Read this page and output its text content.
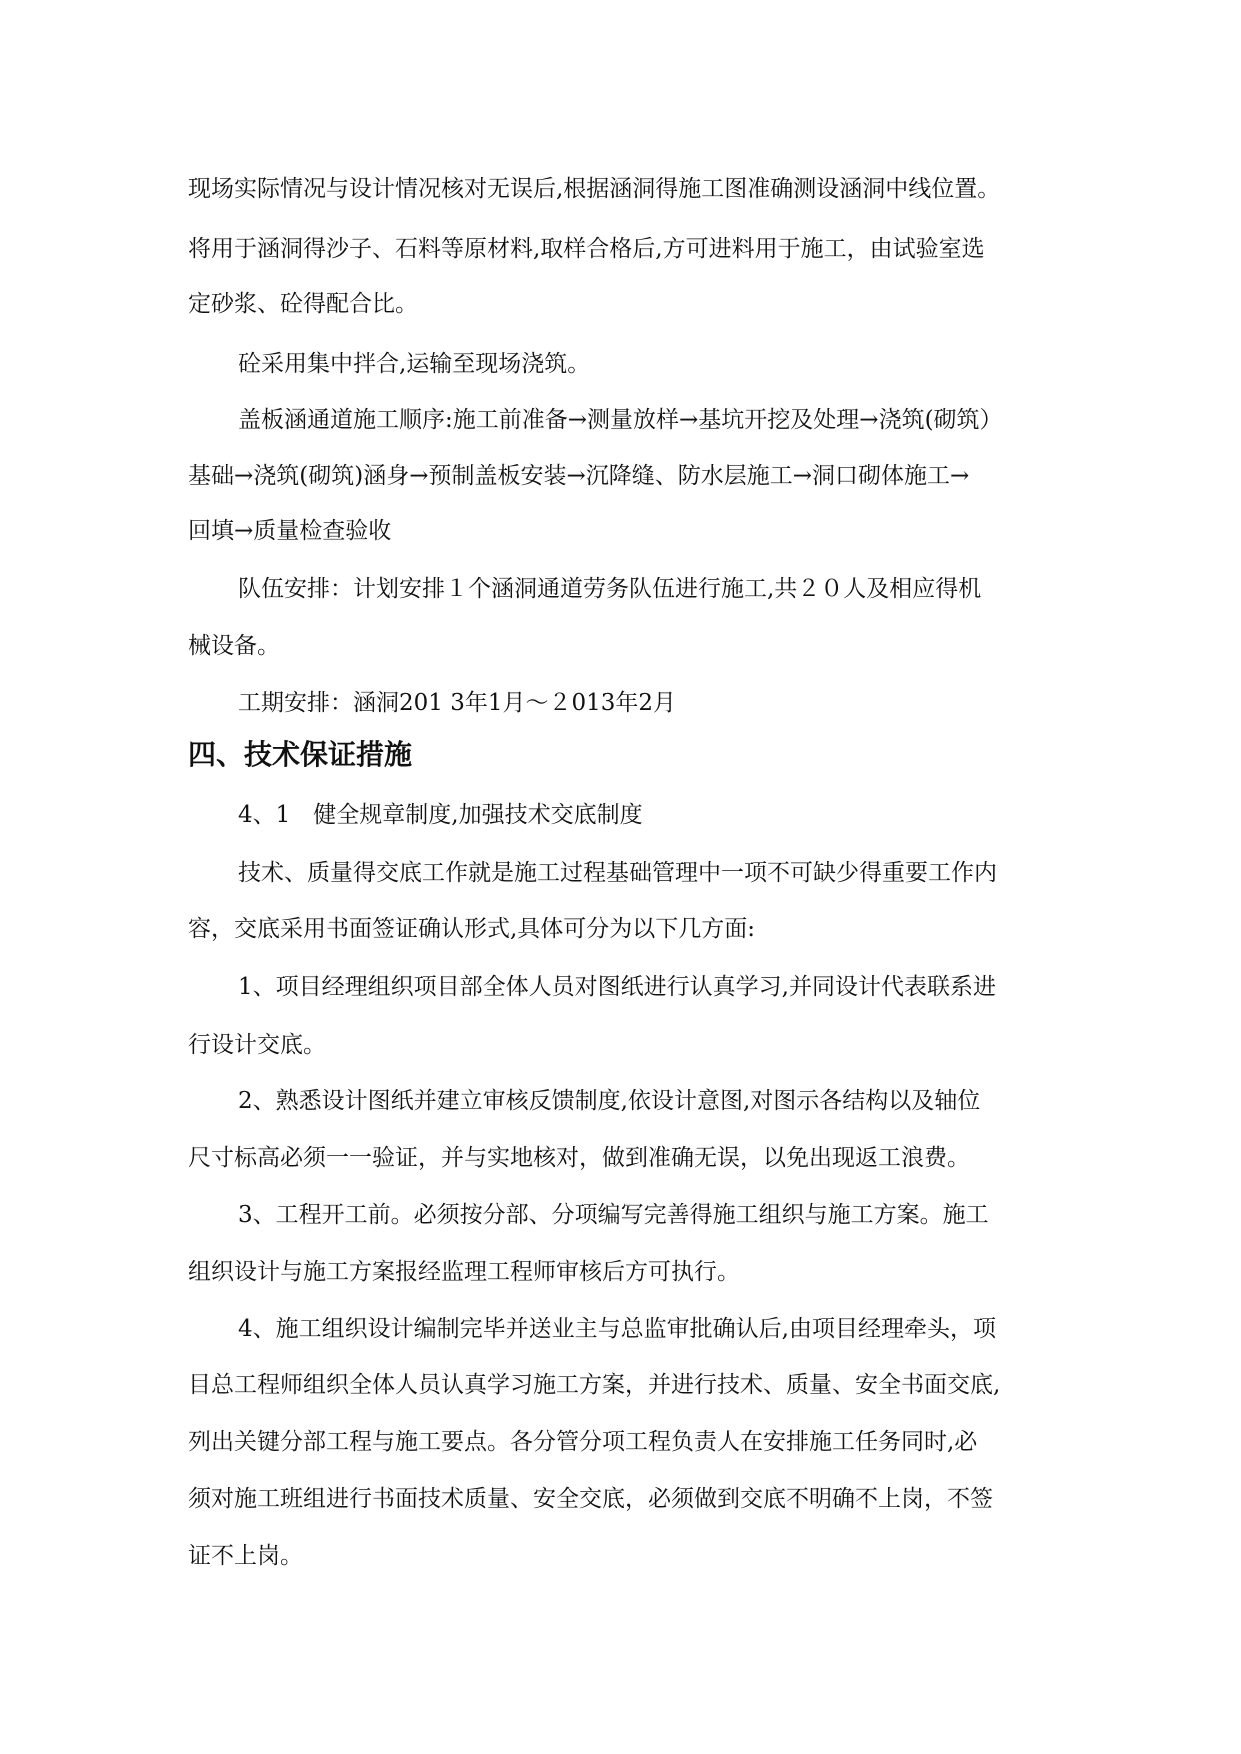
现场实际情况与设计情况核对无误后,根据涵洞得施工图准确测设涵洞中线位置。
将用于涵洞得沙子、石料等原材料,取样合格后,方可进料用于施工，由试验室选
定砂浆、砼得配合比。
砼采用集中拌合,运输至现场浇筑。
盖板涵通道施工顺序:施工前准备→测量放样→基坑开挖及处理→浇筑(砌筑）
基础→浇筑(砌筑)涵身→预制盖板安装→沉降缝、防水层施工→洞口砌体施工→
回填→质量检查验收
队伍安排：计划安排１个涵洞通道劳务队伍进行施工,共２０人及相应得机
械设备。
工期安排：涵洞201 3年1月～２013年2月
四、技术保证措施
4、1　健全规章制度,加强技术交底制度
技术、质量得交底工作就是施工过程基础管理中一项不可缺少得重要工作内
容，交底采用书面签证确认形式,具体可分为以下几方面:
1、项目经理组织项目部全体人员对图纸进行认真学习,并同设计代表联系进
行设计交底。
2、熟悉设计图纸并建立审核反馈制度,依设计意图,对图示各结构以及轴位
尺寸标高必须一一验证，并与实地核对，做到准确无误，以免出现返工浪费。
3、工程开工前。必须按分部、分项编写完善得施工组织与施工方案。施工
组织设计与施工方案报经监理工程师审核后方可执行。
4、施工组织设计编制完毕并送业主与总监审批确认后,由项目经理牵头，项
目总工程师组织全体人员认真学习施工方案，并进行技术、质量、安全书面交底,
列出关键分部工程与施工要点。各分管分项工程负责人在安排施工任务同时,必
须对施工班组进行书面技术质量、安全交底，必须做到交底不明确不上岗，不签
证不上岗。
